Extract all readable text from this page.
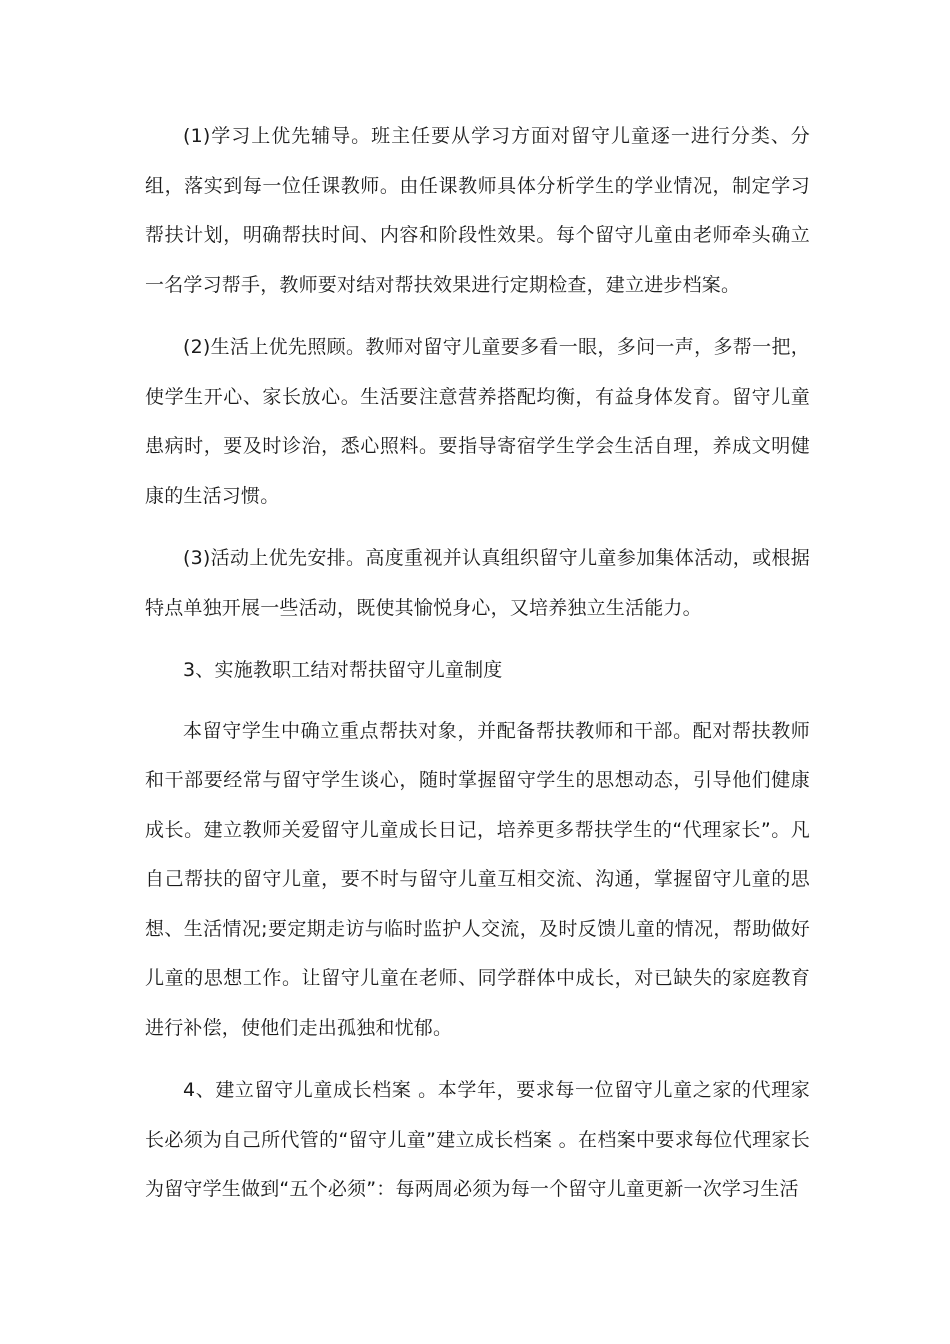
(1)学习上优先辅导。班主任要从学习方面对留守儿童逐一进行分类、分组，落实到每一位任课教师。由任课教师具体分析学生的学业情况，制定学习帮扶计划，明确帮扶时间、内容和阶段性效果。每个留守儿童由老师牵头确立一名学习帮手，教师要对结对帮扶效果进行定期检查，建立进步档案。

(2)生活上优先照顾。教师对留守儿童要多看一眼，多问一声，多帮一把，使学生开心、家长放心。生活要注意营养搭配均衡，有益身体发育。留守儿童患病时，要及时诊治，悉心照料。要指导寄宿学生学会生活自理，养成文明健康的生活习惯。

(3)活动上优先安排。高度重视并认真组织留守儿童参加集体活动，或根据特点单独开展一些活动，既使其愉悦身心，又培养独立生活能力。

3、实施教职工结对帮扶留守儿童制度

本留守学生中确立重点帮扶对象，并配备帮扶教师和干部。配对帮扶教师和干部要经常与留守学生谈心，随时掌握留守学生的思想动态，引导他们健康成长。建立教师关爱留守儿童成长日记，培养更多帮扶学生的“代理家长”。凡自己帮扶的留守儿童，要不时与留守儿童互相交流、沟通，掌握留守儿童的思想、生活情况;要定期走访与临时监护人交流，及时反馈儿童的情况，帮助做好儿童的思想工作。让留守儿童在老师、同学群体中成长，对已缺失的家庭教育进行补偿，使他们走出孤独和忧郁。

4、建立留守儿童成长档案 。本学年，要求每一位留守儿童之家的代理家长必须为自己所代管的“留守儿童”建立成长档案 。在档案中要求每位代理家长为留守学生做到“五个必须”：每两周必须为每一个留守儿童更新一次学习生活
